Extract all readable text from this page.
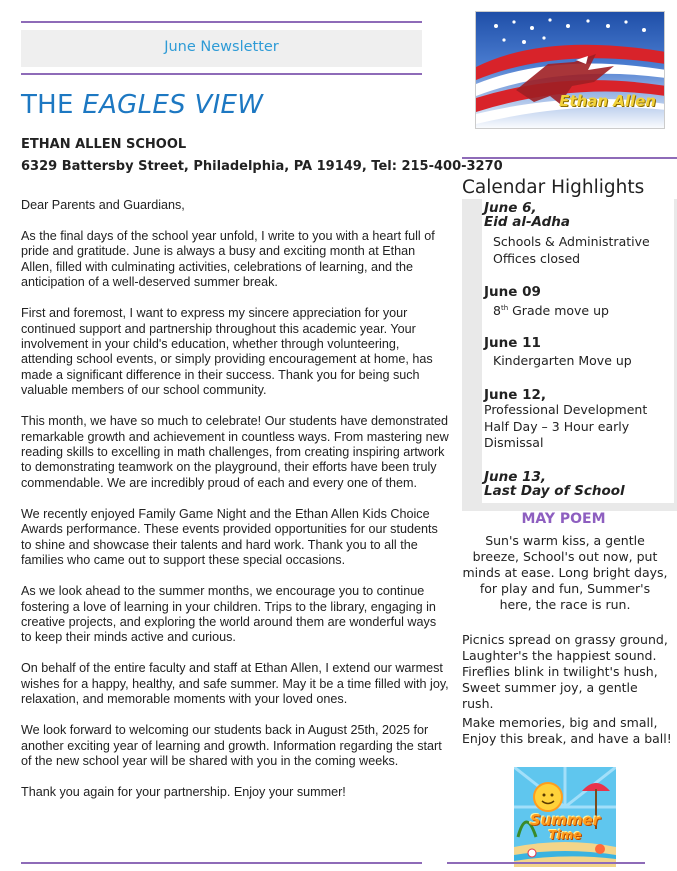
June Newsletter
THE EAGLES VIEW
ETHAN ALLEN SCHOOL
6329 Battersby Street, Philadelphia, PA 19149, Tel: 215-400-3270

Dear Parents and Guardians,

As the final days of the school year unfold, I write to you with a heart full of pride and gratitude. June is always a busy and exciting month at Ethan Allen, filled with culminating activities, celebrations of learning, and the anticipation of a well-deserved summer break.

First and foremost, I want to express my sincere appreciation for your continued support and partnership throughout this academic year. Your involvement in your child's education, whether through volunteering, attending school events, or simply providing encouragement at home, has made a significant difference in their success. Thank you for being such valuable members of our school community.

This month, we have so much to celebrate! Our students have demonstrated remarkable growth and achievement in countless ways. From mastering new reading skills to excelling in math challenges, from creating inspiring artwork to demonstrating teamwork on the playground, their efforts have been truly commendable. We are incredibly proud of each and every one of them.

We recently enjoyed Family Game Night and the Ethan Allen Kids Choice Awards performance. These events provided opportunities for our students to shine and showcase their talents and hard work. Thank you to all the families who came out to support these special occasions.

As we look ahead to the summer months, we encourage you to continue fostering a love of learning in your children. Trips to the library, engaging in creative projects, and exploring the world around them are wonderful ways to keep their minds active and curious.

On behalf of the entire faculty and staff at Ethan Allen, I extend our warmest wishes for a happy, healthy, and safe summer. May it be a time filled with joy, relaxation, and memorable moments with your loved ones.

We look forward to welcoming our students back in August 25th, 2025 for another exciting year of learning and growth. Information regarding the start of the new school year will be shared with you in the coming weeks.

Thank you again for your partnership. Enjoy your summer!

Ethan Allen
Calendar Highlights
June 6,
Eid al-Adha
Schools & Administrative Offices closed
June 09
8th Grade move up
June 11
Kindergarten Move up
June 12,
Professional Development Half Day – 3 Hour early Dismissal
June 13,
Last Day of School
MAY POEM
Sun's warm kiss, a gentle breeze, School's out now, put minds at ease. Long bright days, for play and fun, Summer's here, the race is run.
Picnics spread on grassy ground, Laughter's the happiest sound. Fireflies blink in twilight's hush, Sweet summer joy, a gentle rush.
Make memories, big and small, Enjoy this break, and have a ball!
Summer
Time
